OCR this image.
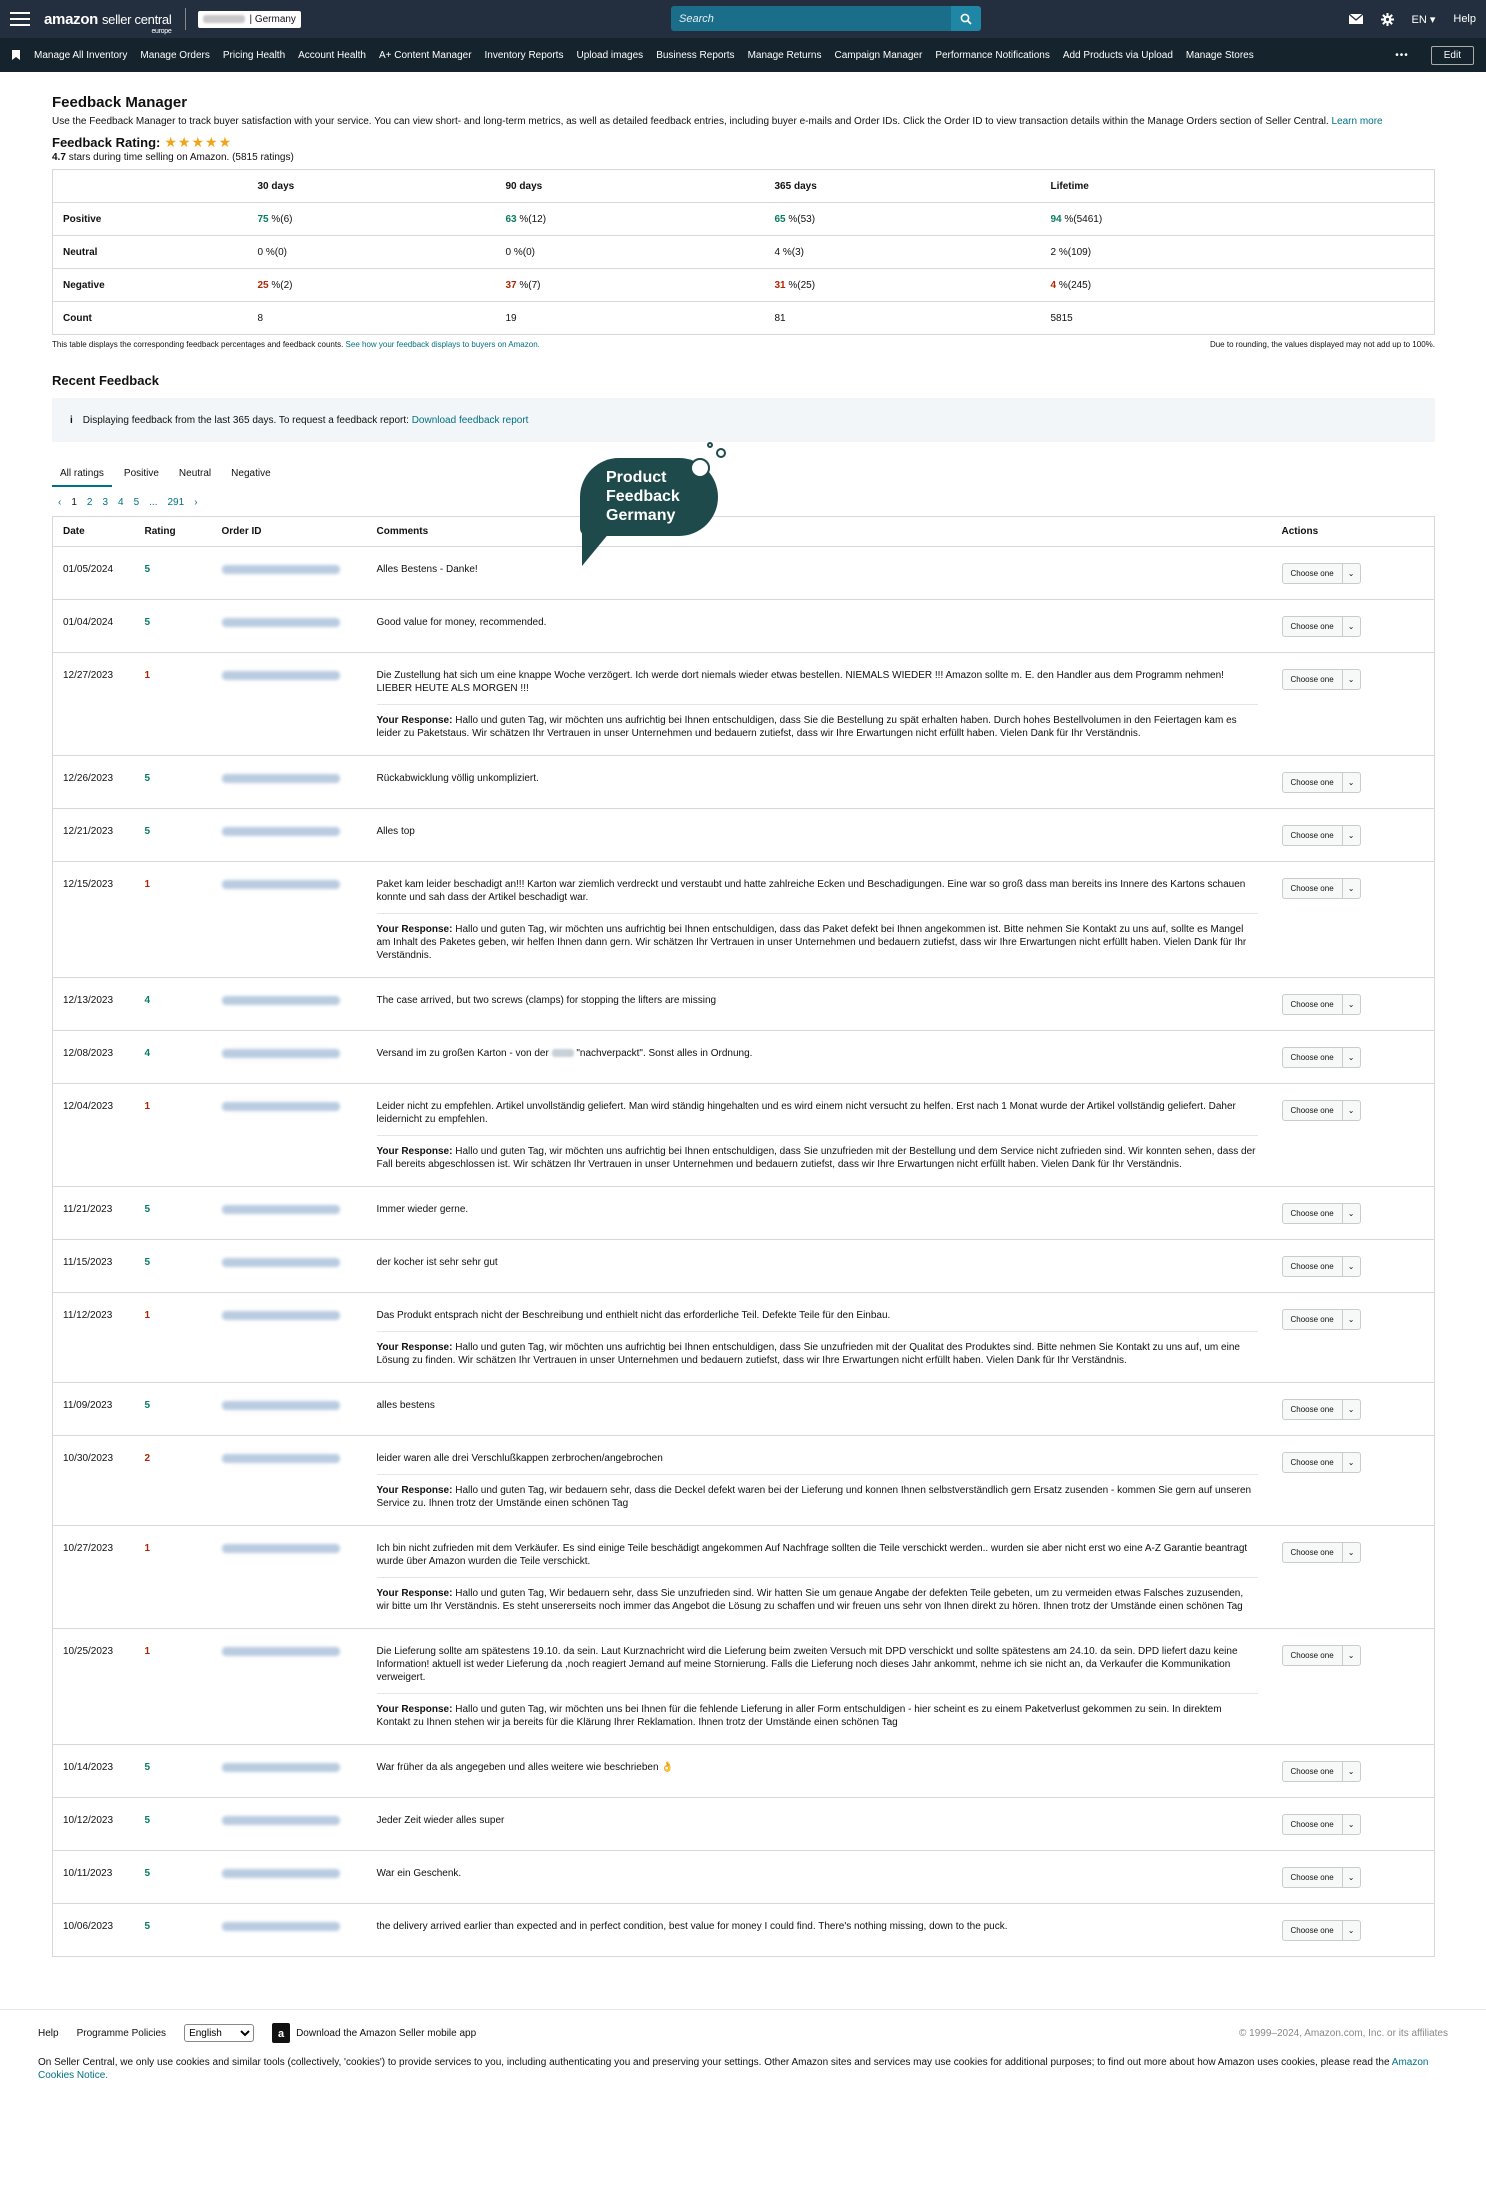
amazon seller central
europe
| Germany
Search	EN ▾ Help
Manage All Inventory Manage Orders Pricing Health Account Health A+ Content Manager Inventory Reports Upload images Business Reports Manage Returns Campaign Manager Performance Notifications Add Products via Upload Manage Stores	•••	Edit
Feedback Manager

Use the Feedback Manager to track buyer satisfaction with your service. You can view short- and long-term metrics, as well as detailed feedback entries, including buyer e-mails and Order IDs. Click the Order ID to view transaction details within the Manage Orders section of Seller Central. Learn more

Feedback Rating: ★★★★★
4.7 stars during time selling on Amazon. (5815 ratings)
	30 days	90 days	365 days	Lifetime
Positive	75 %(6)	63 %(12)	65 %(53)	94 %(5461)
Neutral	0 %(0)	0 %(0)	4 %(3)	2 %(109)
Negative	25 %(2)	37 %(7)	31 %(25)	4 %(245)
Count	8	19	81	5815
This table displays the corresponding feedback percentages and feedback counts. See how your feedback displays to buyers on Amazon.	Due to rounding, the values displayed may not add up to 100%.
Recent Feedback
i Displaying feedback from the last 365 days. To request a feedback report: Download feedback report
All ratings	Positive	Neutral	Negative
‹ 1 2 3 4 5 ... 291 ›
Date	Rating	Order ID	Comments	Actions
01/05/2024	5		Alles Bestens - Danke!	Choose one ⌄

01/04/2024	5		Good value for money, recommended.	Choose one ⌄

12/27/2023	1		Die Zustellung hat sich um eine knappe Woche verzögert. Ich werde dort niemals wieder etwas bestellen. NIEMALS WIEDER !!! Amazon sollte m. E. den Handler aus dem Programm nehmen! LIEBER HEUTE ALS MORGEN !!!
Your Response: Hallo und guten Tag, wir möchten uns aufrichtig bei Ihnen entschuldigen, dass Sie die Bestellung zu spät erhalten haben. Durch hohes Bestellvolumen in den Feiertagen kam es leider zu Paketstaus. Wir schätzen Ihr Vertrauen in unser Unternehmen und bedauern zutiefst, dass wir Ihre Erwartungen nicht erfüllt haben. Vielen Dank für Ihr Verständnis.	Choose one ⌄

12/26/2023	5		Rückabwicklung völlig unkompliziert.	Choose one ⌄

12/21/2023	5		Alles top	Choose one ⌄

12/15/2023	1		Paket kam leider beschadigt an!!! Karton war ziemlich verdreckt und verstaubt und hatte zahlreiche Ecken und Beschadigungen. Eine war so groß dass man bereits ins Innere des Kartons schauen konnte und sah dass der Artikel beschadigt war.
Your Response: Hallo und guten Tag, wir möchten uns aufrichtig bei Ihnen entschuldigen, dass das Paket defekt bei Ihnen angekommen ist. Bitte nehmen Sie Kontakt zu uns auf, sollte es Mangel am Inhalt des Paketes geben, wir helfen Ihnen dann gern. Wir schätzen Ihr Vertrauen in unser Unternehmen und bedauern zutiefst, dass wir Ihre Erwartungen nicht erfüllt haben. Vielen Dank für Ihr Verständnis.	Choose one ⌄

12/13/2023	4		The case arrived, but two screws (clamps) for stopping the lifters are missing	Choose one ⌄

12/08/2023	4		Versand im zu großen Karton - von der "nachverpackt". Sonst alles in Ordnung.	Choose one ⌄

12/04/2023	1		Leider nicht zu empfehlen. Artikel unvollständig geliefert. Man wird ständig hingehalten und es wird einem nicht versucht zu helfen. Erst nach 1 Monat wurde der Artikel vollständig geliefert. Daher leidernicht zu empfehlen.
Your Response: Hallo und guten Tag, wir möchten uns aufrichtig bei Ihnen entschuldigen, dass Sie unzufrieden mit der Bestellung und dem Service nicht zufrieden sind. Wir konnten sehen, dass der Fall bereits abgeschlossen ist. Wir schätzen Ihr Vertrauen in unser Unternehmen und bedauern zutiefst, dass wir Ihre Erwartungen nicht erfüllt haben. Vielen Dank für Ihr Verständnis.	Choose one ⌄

11/21/2023	5		Immer wieder gerne.	Choose one ⌄

11/15/2023	5		der kocher ist sehr sehr gut	Choose one ⌄

11/12/2023	1		Das Produkt entsprach nicht der Beschreibung und enthielt nicht das erforderliche Teil. Defekte Teile für den Einbau.
Your Response: Hallo und guten Tag, wir möchten uns aufrichtig bei Ihnen entschuldigen, dass Sie unzufrieden mit der Qualitat des Produktes sind. Bitte nehmen Sie Kontakt zu uns auf, um eine Lösung zu finden. Wir schätzen Ihr Vertrauen in unser Unternehmen und bedauern zutiefst, dass wir Ihre Erwartungen nicht erfüllt haben. Vielen Dank für Ihr Verständnis.	Choose one ⌄

11/09/2023	5		alles bestens	Choose one ⌄

10/30/2023	2		leider waren alle drei Verschlußkappen zerbrochen/angebrochen
Your Response: Hallo und guten Tag, wir bedauern sehr, dass die Deckel defekt waren bei der Lieferung und konnen Ihnen selbstverständlich gern Ersatz zusenden - kommen Sie gern auf unseren Service zu. Ihnen trotz der Umstände einen schönen Tag	Choose one ⌄

10/27/2023	1		Ich bin nicht zufrieden mit dem Verkäufer. Es sind einige Teile beschädigt angekommen Auf Nachfrage sollten die Teile verschickt werden.. wurden sie aber nicht erst wo eine A-Z Garantie beantragt wurde über Amazon wurden die Teile verschickt.
Your Response: Hallo und guten Tag, Wir bedauern sehr, dass Sie unzufrieden sind. Wir hatten Sie um genaue Angabe der defekten Teile gebeten, um zu vermeiden etwas Falsches zuzusenden, wir bitte um Ihr Verständnis. Es steht unsererseits noch immer das Angebot die Lösung zu schaffen und wir freuen uns sehr von Ihnen direkt zu hören. Ihnen trotz der Umstände einen schönen Tag	Choose one ⌄

10/25/2023	1		Die Lieferung sollte am spätestens 19.10. da sein. Laut Kurznachricht wird die Lieferung beim zweiten Versuch mit DPD verschickt und sollte spätestens am 24.10. da sein. DPD liefert dazu keine Information! aktuell ist weder Lieferung da ,noch reagiert Jemand auf meine Stornierung. Falls die Lieferung noch dieses Jahr ankommt, nehme ich sie nicht an, da Verkaufer die Kommunikation verweigert.
Your Response: Hallo und guten Tag, wir möchten uns bei Ihnen für die fehlende Lieferung in aller Form entschuldigen - hier scheint es zu einem Paketverlust gekommen zu sein. In direktem Kontakt zu Ihnen stehen wir ja bereits für die Klärung Ihrer Reklamation. Ihnen trotz der Umstände einen schönen Tag	Choose one ⌄

10/14/2023	5		War früher da als angegeben und alles weitere wie beschrieben 👌	Choose one ⌄

10/12/2023	5		Jeder Zeit wieder alles super	Choose one ⌄

10/11/2023	5		War ein Geschenk.	Choose one ⌄

10/06/2023	5		the delivery arrived earlier than expected and in perfect condition, best value for money I could find. There's nothing missing, down to the puck.	Choose one ⌄
Product
Feedback
Germany
Help Programme Policies
English	a Download the Amazon Seller mobile app	© 1999–2024, Amazon.com, Inc. or its affiliates

On Seller Central, we only use cookies and similar tools (collectively, 'cookies') to provide services to you, including authenticating you and preserving your settings. Other Amazon sites and services may use cookies for additional purposes; to find out more about how Amazon uses cookies, please read the Amazon Cookies Notice.
